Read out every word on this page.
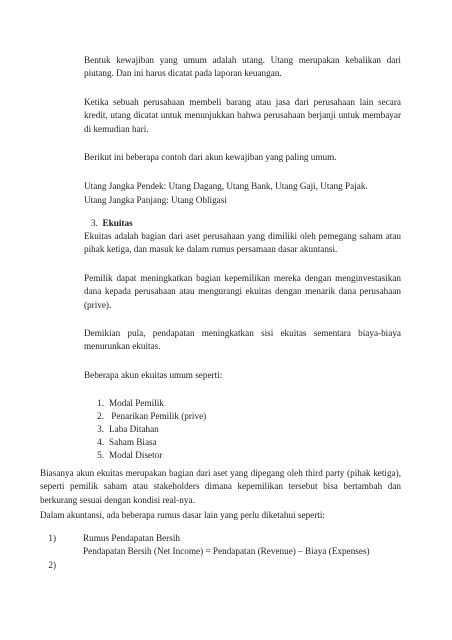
Bentuk kewajiban yang umum adalah utang. Utang merupakan kebalikan dari piutang. Dan ini harus dicatat pada laporan keuangan.

Ketika sebuah perusahaan membeli barang atau jasa dari perusahaan lain secara kredit, utang dicatat untuk menunjukkan bahwa perusahaan berjanji untuk membayar di kemudian hari.

Berikut ini beberapa contoh dari akun kewajiban yang paling umum.

Utang Jangka Pendek: Utang Dagang, Utang Bank, Utang Gaji, Utang Pajak.

Utang Jangka Panjang: Utang Obligasi

3. Ekuitas

Ekuitas adalah bagian dari aset perusahaan yang dimiliki oleh pemegang saham atau pihak ketiga, dan masuk ke dalam rumus persamaan dasar akuntansi.

Pemilik dapat meningkatkan bagian kepemilikan mereka dengan menginvestasikan dana kepada perusahaan atau mengurangi ekuitas dengan menarik dana perusahaan (prive).

Demikian pula, pendapatan meningkatkan sisi ekuitas sementara biaya-biaya menurunkan ekuitas.

Beberapa akun ekuitas umum seperti:

1. Modal Pemilik
2. Penarikan Pemilik (prive)
3. Laba Ditahan
4. Saham Biasa
5. Modal Disetor

Biasanya akun ekuitas merupakan bagian dari aset yang dipegang oleh third party (pihak ketiga), seperti pemilik saham atau stakeholders dimana kepemilikan tersebut bisa bertambah dan berkurang sesuai dengan kondisi real-nya.

Dalam akuntansi, ada beberapa rumus dasar lain yang perlu diketahui seperti:

1)	Rumus Pendapatan Bersih
Pendapatan Bersih (Net Income) = Pendapatan (Revenue) – Biaya (Expenses)
2)
